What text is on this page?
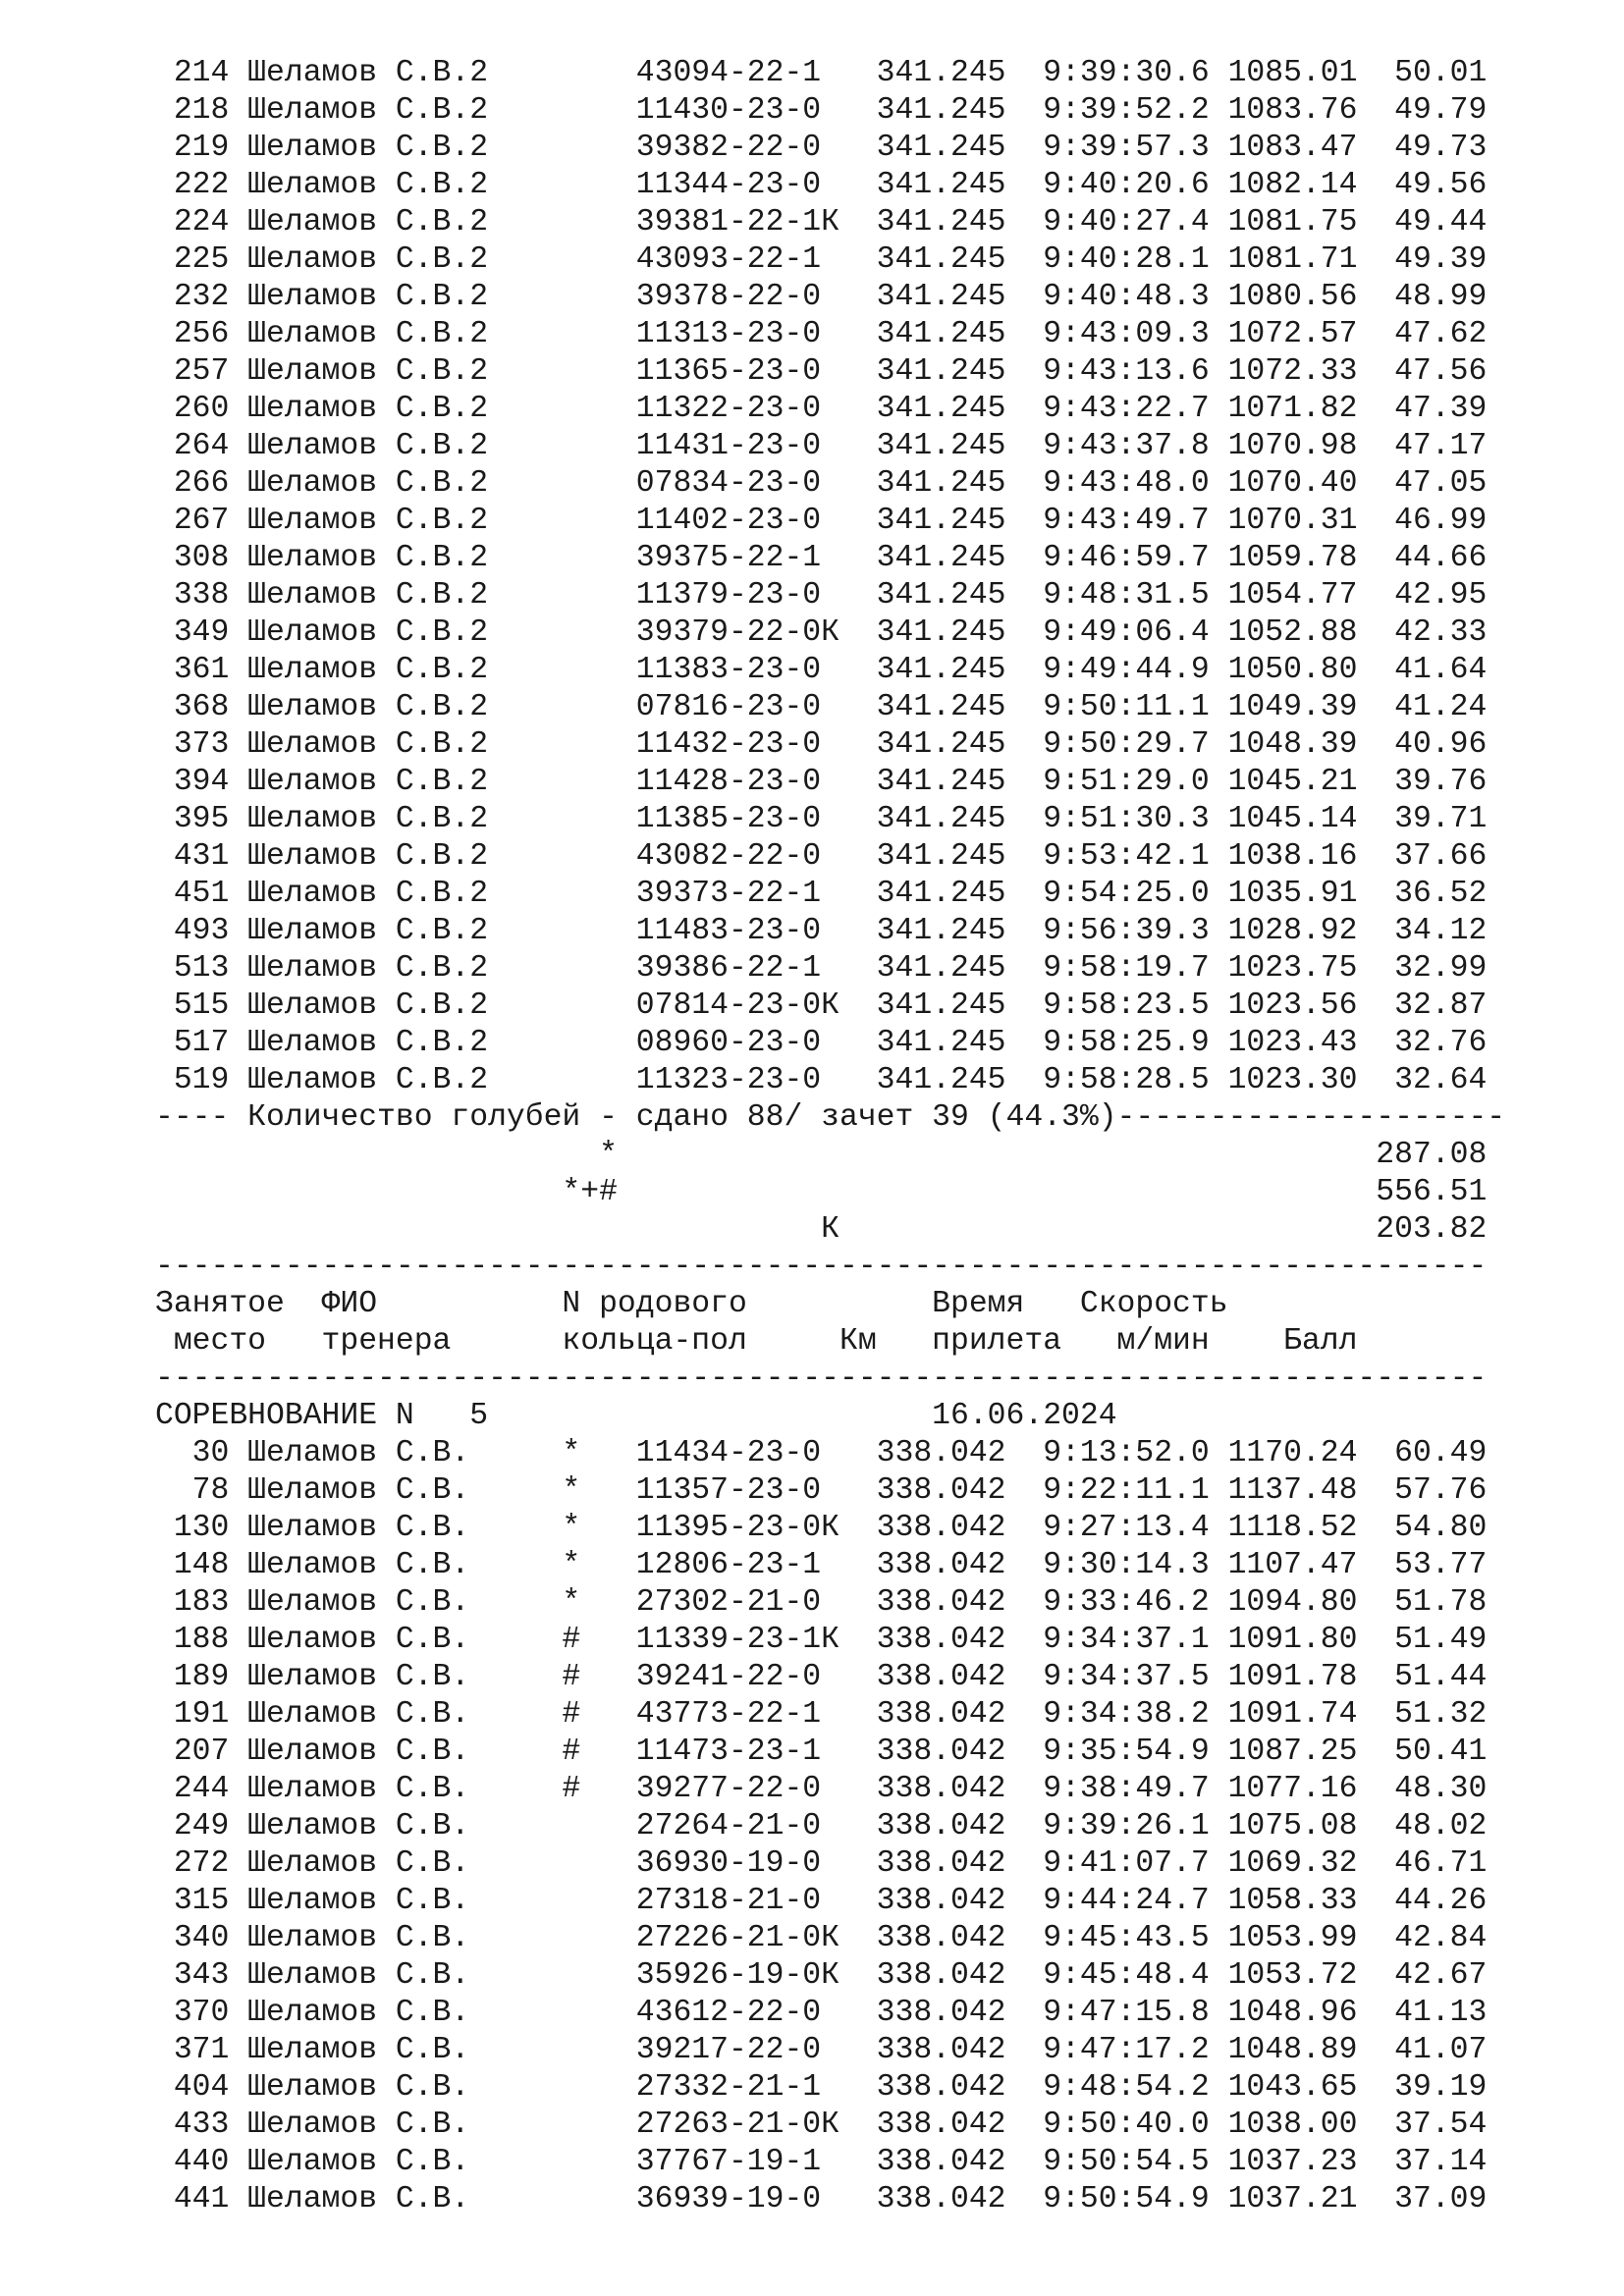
214 Шеламов С.В.2        43094-22-1   341.245  9:39:30.6 1085.01  50.01
218 Шеламов С.В.2        11430-23-0   341.245  9:39:52.2 1083.76  49.79
219 Шеламов С.В.2        39382-22-0   341.245  9:39:57.3 1083.47  49.73
222 Шеламов С.В.2        11344-23-0   341.245  9:40:20.6 1082.14  49.56
224 Шеламов С.В.2        39381-22-1К  341.245  9:40:27.4 1081.75  49.44
225 Шеламов С.В.2        43093-22-1   341.245  9:40:28.1 1081.71  49.39
232 Шеламов С.В.2        39378-22-0   341.245  9:40:48.3 1080.56  48.99
256 Шеламов С.В.2        11313-23-0   341.245  9:43:09.3 1072.57  47.62
257 Шеламов С.В.2        11365-23-0   341.245  9:43:13.6 1072.33  47.56
260 Шеламов С.В.2        11322-23-0   341.245  9:43:22.7 1071.82  47.39
264 Шеламов С.В.2        11431-23-0   341.245  9:43:37.8 1070.98  47.17
266 Шеламов С.В.2        07834-23-0   341.245  9:43:48.0 1070.40  47.05
267 Шеламов С.В.2        11402-23-0   341.245  9:43:49.7 1070.31  46.99
308 Шеламов С.В.2        39375-22-1   341.245  9:46:59.7 1059.78  44.66
338 Шеламов С.В.2        11379-23-0   341.245  9:48:31.5 1054.77  42.95
349 Шеламов С.В.2        39379-22-0К  341.245  9:49:06.4 1052.88  42.33
361 Шеламов С.В.2        11383-23-0   341.245  9:49:44.9 1050.80  41.64
368 Шеламов С.В.2        07816-23-0   341.245  9:50:11.1 1049.39  41.24
373 Шеламов С.В.2        11432-23-0   341.245  9:50:29.7 1048.39  40.96
394 Шеламов С.В.2        11428-23-0   341.245  9:51:29.0 1045.21  39.76
395 Шеламов С.В.2        11385-23-0   341.245  9:51:30.3 1045.14  39.71
431 Шеламов С.В.2        43082-22-0   341.245  9:53:42.1 1038.16  37.66
451 Шеламов С.В.2        39373-22-1   341.245  9:54:25.0 1035.91  36.52
493 Шеламов С.В.2        11483-23-0   341.245  9:56:39.3 1028.92  34.12
513 Шеламов С.В.2        39386-22-1   341.245  9:58:19.7 1023.75  32.99
515 Шеламов С.В.2        07814-23-0К  341.245  9:58:23.5 1023.56  32.87
517 Шеламов С.В.2        08960-23-0   341.245  9:58:25.9 1023.43  32.76
519 Шеламов С.В.2        11323-23-0   341.245  9:58:28.5 1023.30  32.64
---- Количество голубей - сдано 88/ зачет 39 (44.3%)---------------------
*                                         287.08
*+#                                         556.51
К                             203.82
------------------------------------------------------------------------
Занятое  ФИО          N родового          Время   Скорость
место   тренера      кольца-пол     Км   прилета   м/мин    Балл
------------------------------------------------------------------------
СОРЕВНОВАНИЕ N   5                        16.06.2024
30 Шеламов С.В.     *   11434-23-0   338.042  9:13:52.0 1170.24  60.49
78 Шеламов С.В.     *   11357-23-0   338.042  9:22:11.1 1137.48  57.76
130 Шеламов С.В.     *   11395-23-0К  338.042  9:27:13.4 1118.52  54.80
148 Шеламов С.В.     *   12806-23-1   338.042  9:30:14.3 1107.47  53.77
183 Шеламов С.В.     *   27302-21-0   338.042  9:33:46.2 1094.80  51.78
188 Шеламов С.В.     #   11339-23-1К  338.042  9:34:37.1 1091.80  51.49
189 Шеламов С.В.     #   39241-22-0   338.042  9:34:37.5 1091.78  51.44
191 Шеламов С.В.     #   43773-22-1   338.042  9:34:38.2 1091.74  51.32
207 Шеламов С.В.     #   11473-23-1   338.042  9:35:54.9 1087.25  50.41
244 Шеламов С.В.     #   39277-22-0   338.042  9:38:49.7 1077.16  48.30
249 Шеламов С.В.         27264-21-0   338.042  9:39:26.1 1075.08  48.02
272 Шеламов С.В.         36930-19-0   338.042  9:41:07.7 1069.32  46.71
315 Шеламов С.В.         27318-21-0   338.042  9:44:24.7 1058.33  44.26
340 Шеламов С.В.         27226-21-0К  338.042  9:45:43.5 1053.99  42.84
343 Шеламов С.В.         35926-19-0К  338.042  9:45:48.4 1053.72  42.67
370 Шеламов С.В.         43612-22-0   338.042  9:47:15.8 1048.96  41.13
371 Шеламов С.В.         39217-22-0   338.042  9:47:17.2 1048.89  41.07
404 Шеламов С.В.         27332-21-1   338.042  9:48:54.2 1043.65  39.19
433 Шеламов С.В.         27263-21-0К  338.042  9:50:40.0 1038.00  37.54
440 Шеламов С.В.         37767-19-1   338.042  9:50:54.5 1037.23  37.14
441 Шеламов С.В.         36939-19-0   338.042  9:50:54.9 1037.21  37.09
